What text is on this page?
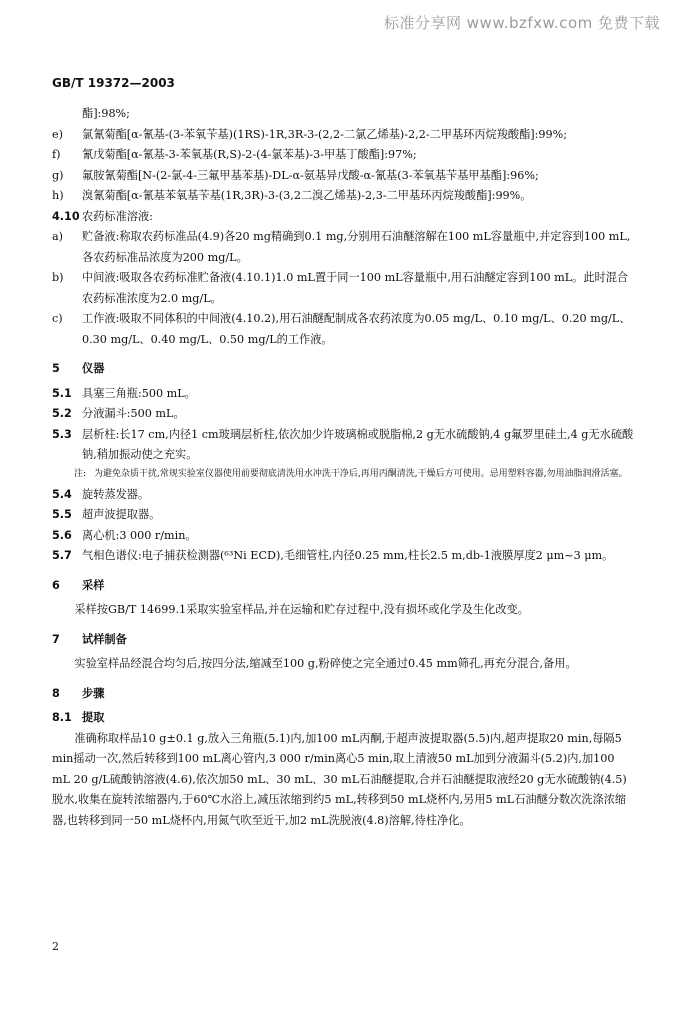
标准分享网 www.bzfxw.com 免费下载
GB/T 19372—2003
酯]:98%;
e)	氯氰菊酯[α-氰基-(3-苯氧苄基)(1RS)-1R,3R-3-(2,2-二氯乙烯基)-2,2-二甲基环丙烷羧酸酯]:99%;
f)	氰戊菊酯[α-氰基-3-苯氧基(R,S)-2-(4-氯苯基)-3-甲基丁酸酯]:97%;
g)	氟胺氰菊酯[N-(2-氯-4-三氟甲基苯基)-DL-α-氨基异戊酸-α-氰基(3-苯氧基苄基甲基酯]:96%;
h)	溴氰菊酯[α-氰基苯氧基苄基(1R,3R)-3-(3,2二溴乙烯基)-2,3-二甲基环丙烷羧酸酯]:99%。
4.10 农药标准溶液:
a)	贮备液:称取农药标准品(4.9)各20 mg精确到0.1 mg,分别用石油醚溶解在100 mL容量瓶中,并定容到100 mL,各农药标准品浓度为200 mg/L。
b)	中间液:吸取各农药标准贮备液(4.10.1)1.0 mL置于同一100 mL容量瓶中,用石油醚定容到100 mL。此时混合农药标准浓度为2.0 mg/L。
c)	工作液:吸取不同体积的中间液(4.10.2),用石油醚配制成各农药浓度为0.05 mg/L、0.10 mg/L、0.20 mg/L、0.30 mg/L、0.40 mg/L、0.50 mg/L的工作液。
5	仪器
5.1 具塞三角瓶:500 mL。
5.2 分液漏斗:500 mL。
5.3 层析柱:长17 cm,内径1 cm玻璃层析柱,依次加少许玻璃棉或脱脂棉,2 g无水硫酸钠,4 g氟罗里硅土,4 g无水硫酸钠,稍加振动使之充实。
注: 为避免杂质干扰,常规实验室仪器使用前要彻底清洗用水冲洗干净后,再用丙酮清洗,干燥后方可使用。忌用塑料容器,勿用油脂润滑活塞。
5.4 旋转蒸发器。
5.5 超声波提取器。
5.6 离心机:3 000 r/min。
5.7 气相色谱仪:电子捕获检测器(⁶³Ni ECD),毛细管柱,内径0.25 mm,柱长2.5 m,db-1液膜厚度2 μm~3 μm。
6	采样
采样按GB/T 14699.1采取实验室样品,并在运输和贮存过程中,没有损坏或化学及生化改变。
7	试样制备
实验室样品经混合均匀后,按四分法,缩减至100 g,粉碎使之完全通过0.45 mm筛孔,再充分混合,备用。
8	步骤
8.1 提取
准确称取样品10 g±0.1 g,放入三角瓶(5.1)内,加100 mL丙酮,于超声波提取器(5.5)内,超声提取20 min,每隔5 min摇动一次,然后转移到100 mL离心管内,3 000 r/min离心5 min,取上清液50 mL加到分液漏斗(5.2)内,加100 mL 20 g/L硫酸钠溶液(4.6),依次加50 mL、30 mL、30 mL石油醚提取,合并石油醚提取液经20 g无水硫酸钠(4.5)脱水,收集在旋转浓缩器内,于60℃水浴上,减压浓缩到约5 mL,转移到50 mL烧杯内,另用5 mL石油醚分数次洗涤浓缩器,也转移到同一50 mL烧杯内,用氮气吹至近干,加2 mL洗脱液(4.8)溶解,待柱净化。
2
